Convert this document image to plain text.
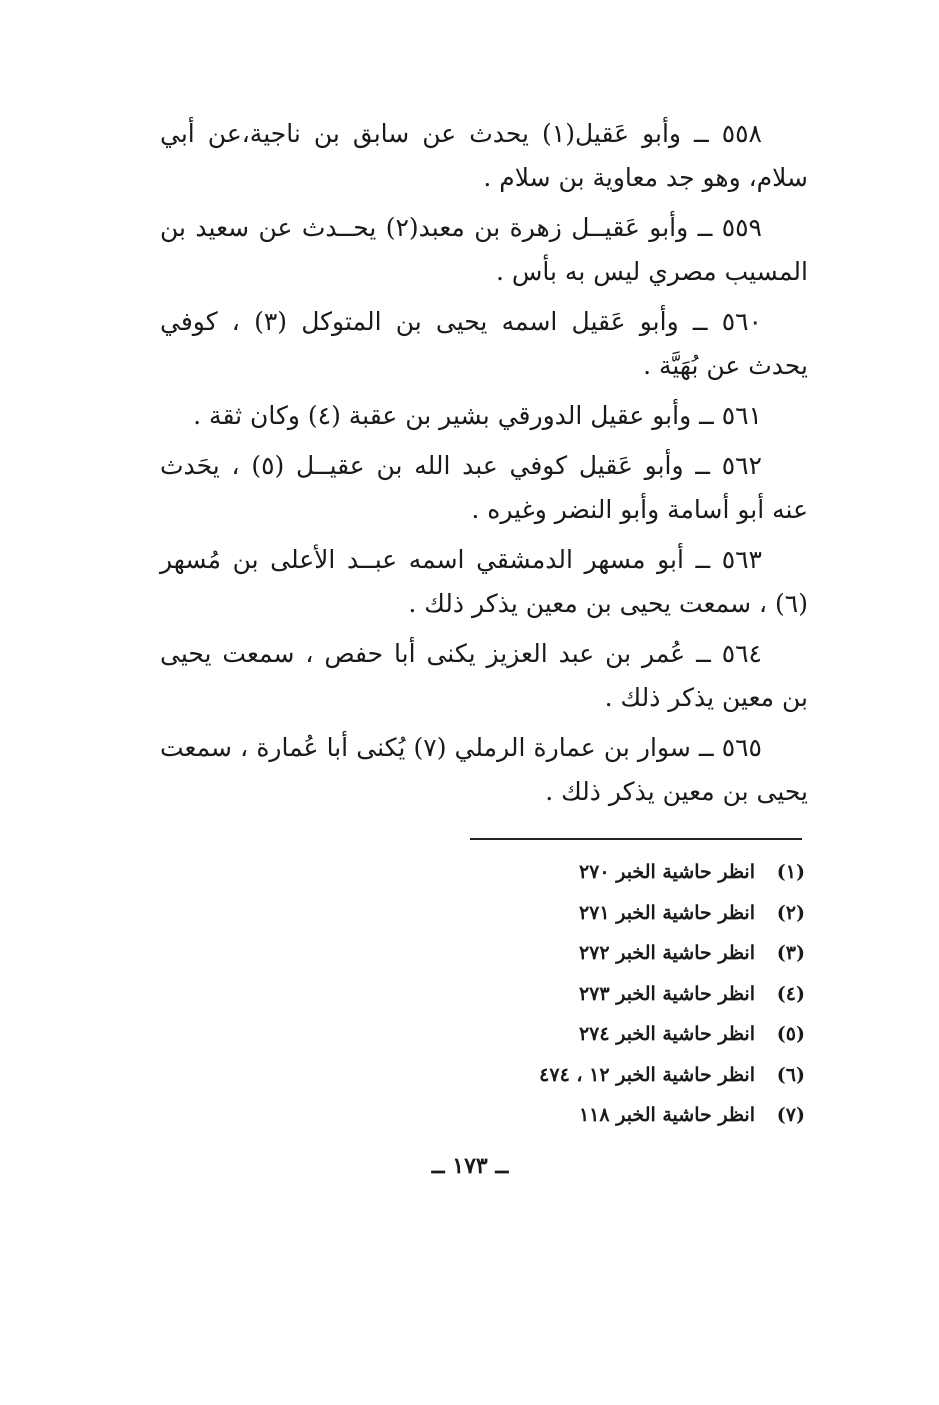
٥٥٨ ــ وأبو عَقيل(١) يحدث عن سابق بن ناجية،عن أبي سلام، وهو جد معاوية بن سلام .

٥٥٩ ــ وأبو عَقيــل زهرة بن معبد(٢) يحــدث عن سعيد بن المسيب مصري ليس به بأس .

٥٦٠ ــ وأبو عَقيل اسمه يحيى بن المتوكل (٣) ، كوفي يحدث عن بُهَيَّة .

٥٦١ ــ وأبو عقيل الدورقي بشير بن عقبة (٤) وكان ثقة .

٥٦٢ ــ وأبو عَقيل كوفي عبد الله بن عقيــل (٥) ، يحَدث عنه أبو أسامة وأبو النضر وغيره .

٥٦٣ ــ أبو مسهر الدمشقي اسمه عبــد الأعلى بن مُسهر (٦) ، سمعت يحيى بن معين يذكر ذلك .

٥٦٤ ــ عُمر بن عبد العزيز يكنى أبا حفص ، سمعت يحيى بن معين يذكر ذلك .

٥٦٥ ــ سوار بن عمارة الرملي (٧) يُكنى أبا عُمارة ، سمعت يحيى بن معين يذكر ذلك .

(١)
انظر حاشية الخبر ٢٧٠
(٢)
انظر حاشية الخبر ٢٧١
(٣)
انظر حاشية الخبر ٢٧٢
(٤)
انظر حاشية الخبر ٢٧٣
(٥)
انظر حاشية الخبر ٢٧٤
(٦)
انظر حاشية الخبر ١٢ ، ٤٧٤
(٧)
انظر حاشية الخبر ١١٨
ــ ١٧٣ ــ
